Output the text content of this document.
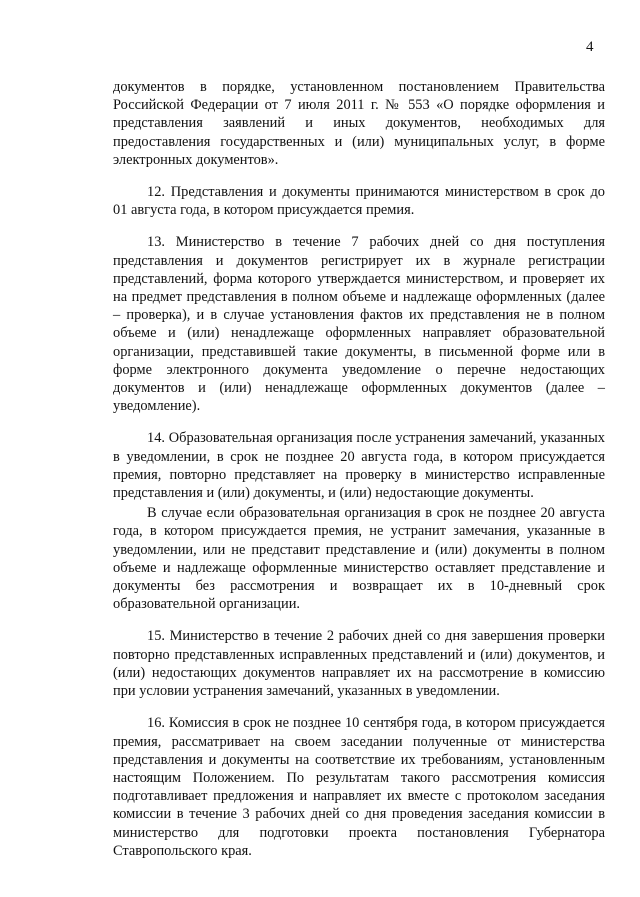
4

документов в порядке, установленном постановлением Правительства Российской Федерации от 7 июля 2011 г. № 553 «О порядке оформления и представления заявлений и иных документов, необходимых для предоставления государственных и (или) муниципальных услуг, в форме электронных документов».

12. Представления и документы принимаются министерством в срок до 01 августа года, в котором присуждается премия.

13. Министерство в течение 7 рабочих дней со дня поступления представления и документов регистрирует их в журнале регистрации представлений, форма которого утверждается министерством, и проверяет их на предмет представления в полном объеме и надлежаще оформленных (далее – проверка), и в случае установления фактов их представления не в полном объеме и (или) ненадлежаще оформленных направляет образовательной организации, представившей такие документы, в письменной форме или в форме электронного документа уведомление о перечне недостающих документов и (или) ненадлежаще оформленных документов (далее – уведомление).

14. Образовательная организация после устранения замечаний, указанных в уведомлении, в срок не позднее 20 августа года, в котором присуждается премия, повторно представляет на проверку в министерство исправленные представления и (или) документы, и (или) недостающие документы.

В случае если образовательная организация в срок не позднее 20 августа года, в котором присуждается премия, не устранит замечания, указанные в уведомлении, или не представит представление и (или) документы в полном объеме и надлежаще оформленные министерство оставляет представление и документы без рассмотрения и возвращает их в 10-дневный срок образовательной организации.

15. Министерство в течение 2 рабочих дней со дня завершения проверки повторно представленных исправленных представлений и (или) документов, и (или) недостающих документов направляет их на рассмотрение в комиссию при условии устранения замечаний, указанных в уведомлении.

16. Комиссия в срок не позднее 10 сентября года, в котором присуждается премия, рассматривает на своем заседании полученные от министерства представления и документы на соответствие их требованиям, установленным настоящим Положением. По результатам такого рассмотрения комиссия подготавливает предложения и направляет их вместе с протоколом заседания комиссии в течение 3 рабочих дней со дня проведения заседания комиссии в министерство для подготовки проекта постановления Губернатора Ставропольского края.
